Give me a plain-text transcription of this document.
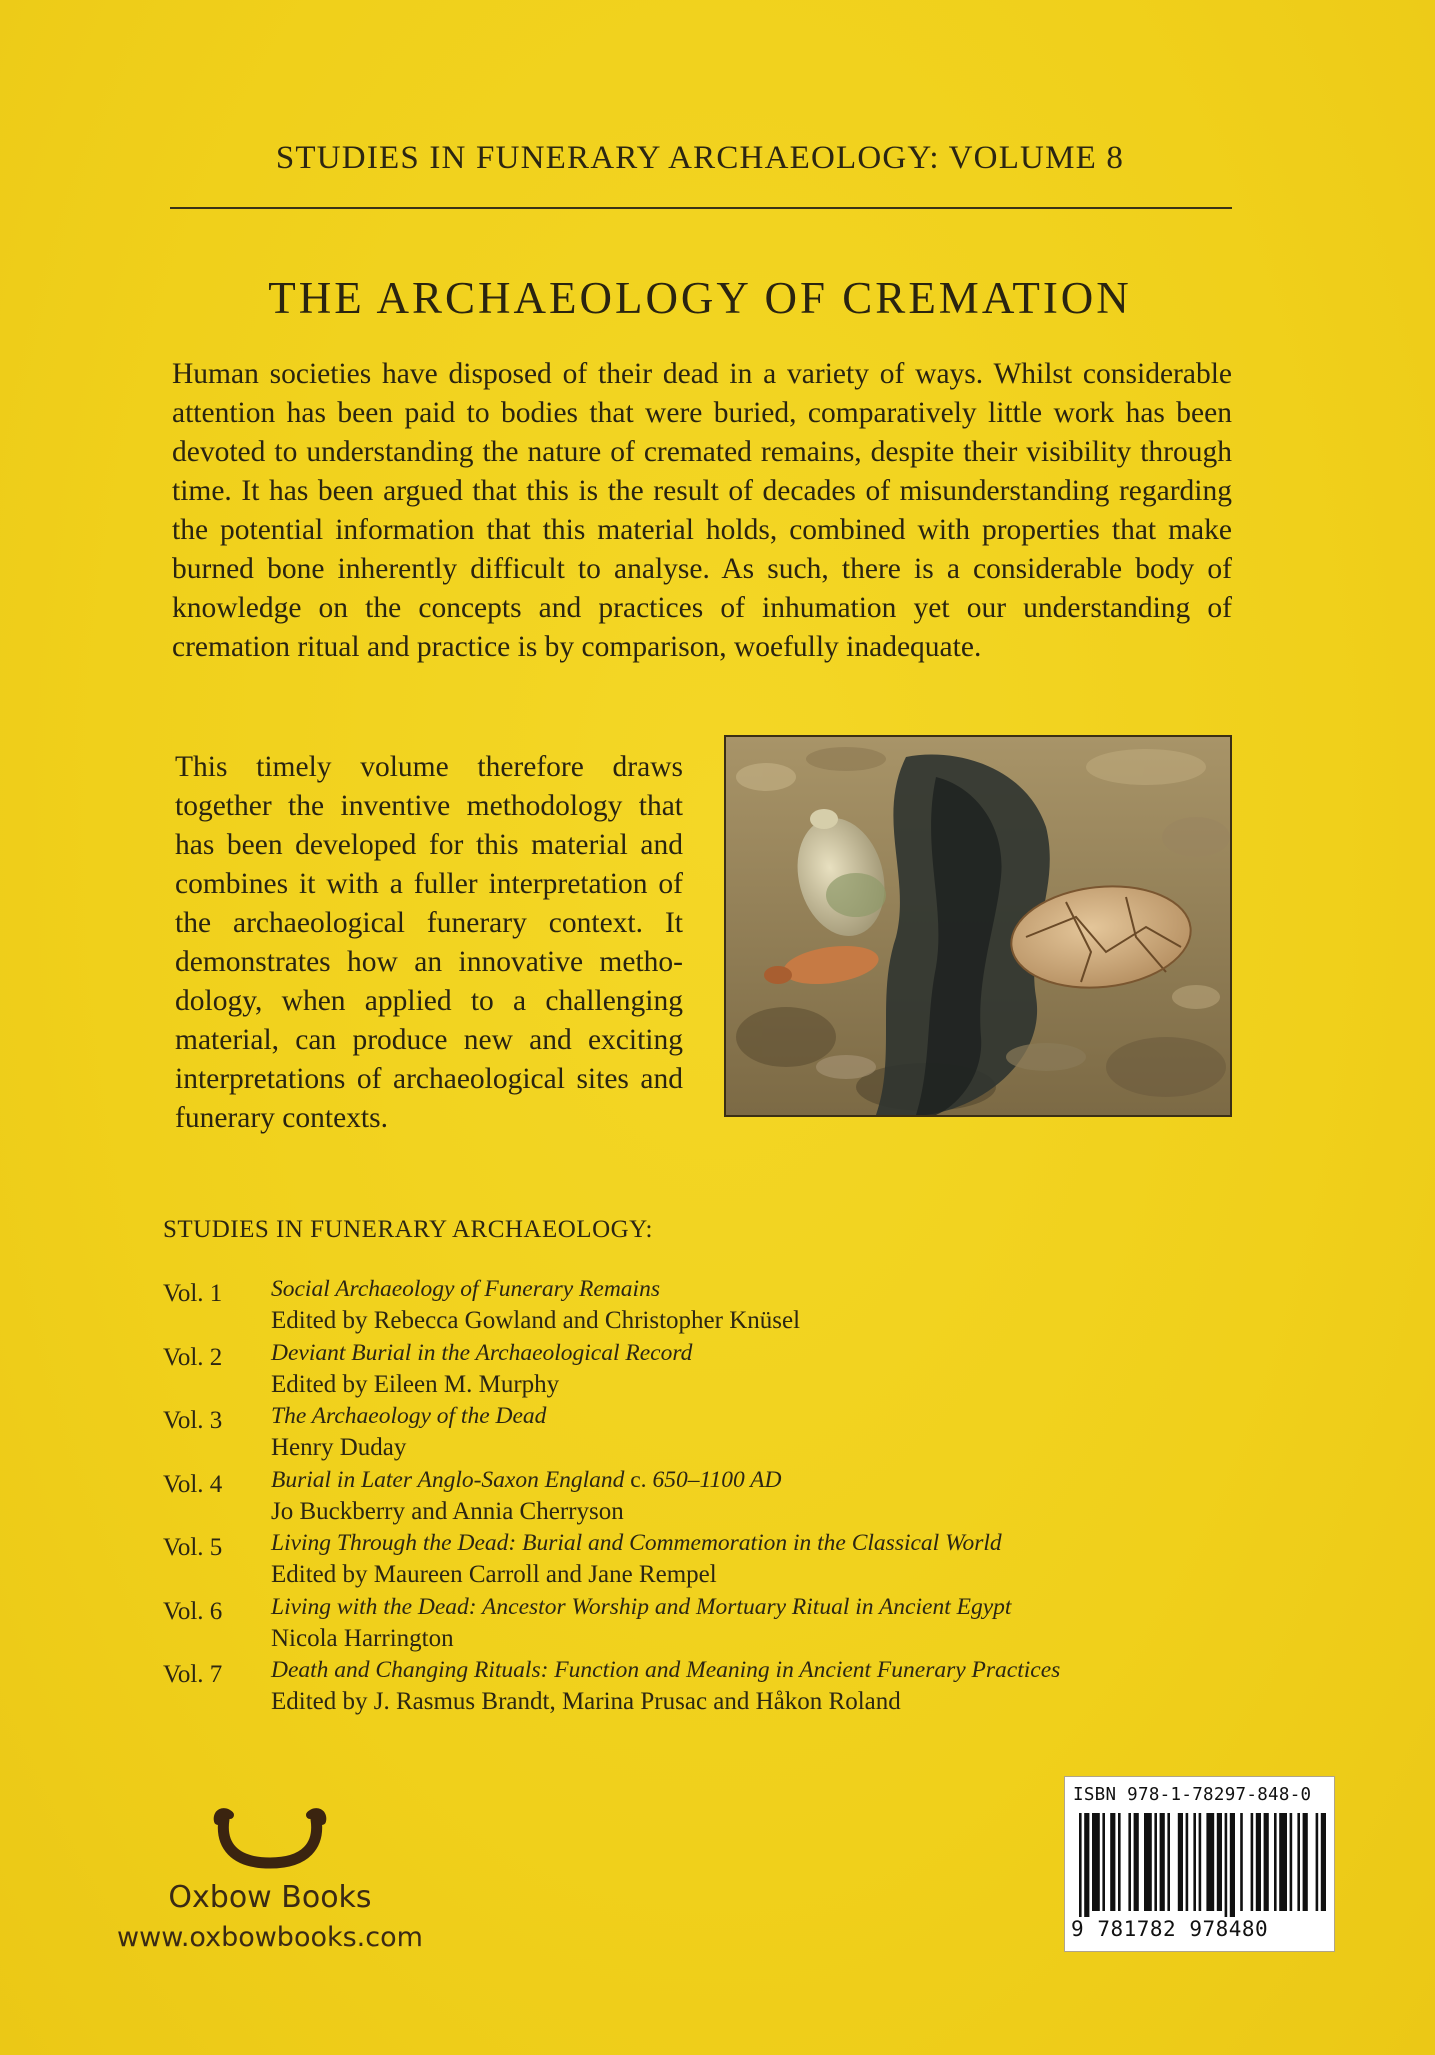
STUDIES IN FUNERARY ARCHAEOLOGY: VOLUME 8
THE ARCHAEOLOGY OF CREMATION
Human societies have disposed of their dead in a variety of ways. Whilst considerable attention has been paid to bodies that were buried, comparatively little work has been devoted to understanding the nature of cremated remains, despite their visibility through time. It has been argued that this is the result of decades of misunderstanding regarding the potential information that this material holds, combined with properties that make burned bone inherently difficult to analyse. As such, there is a considerable body of knowledge on the concepts and practices of inhumation yet our understanding of cremation ritual and practice is by comparison, woefully inadequate.
This timely volume therefore draws together the inventive methodology that has been developed for this material and combines it with a fuller interpretation of the archaeological funerary context. It demonstrates how an innovative methodology, when applied to a challenging material, can produce new and exciting interpretations of archaeological sites and funerary contexts.
STUDIES IN FUNERARY ARCHAEOLOGY:
Vol. 1 Social Archaeology of Funerary Remains
Edited by Rebecca Gowland and Christopher Knüsel
Vol. 2 Deviant Burial in the Archaeological Record
Edited by Eileen M. Murphy
Vol. 3 The Archaeology of the Dead
Henry Duday
Vol. 4 Burial in Later Anglo-Saxon England c. 650–1100 AD
Jo Buckberry and Annia Cherryson
Vol. 5 Living Through the Dead: Burial and Commemoration in the Classical World
Edited by Maureen Carroll and Jane Rempel
Vol. 6 Living with the Dead: Ancestor Worship and Mortuary Ritual in Ancient Egypt
Nicola Harrington
Vol. 7 Death and Changing Rituals: Function and Meaning in Ancient Funerary Practices
Edited by J. Rasmus Brandt, Marina Prusac and Håkon Roland
Oxbow Books
www.oxbowbooks.com
ISBN 978-1-78297-848-0
9 781782 978480
